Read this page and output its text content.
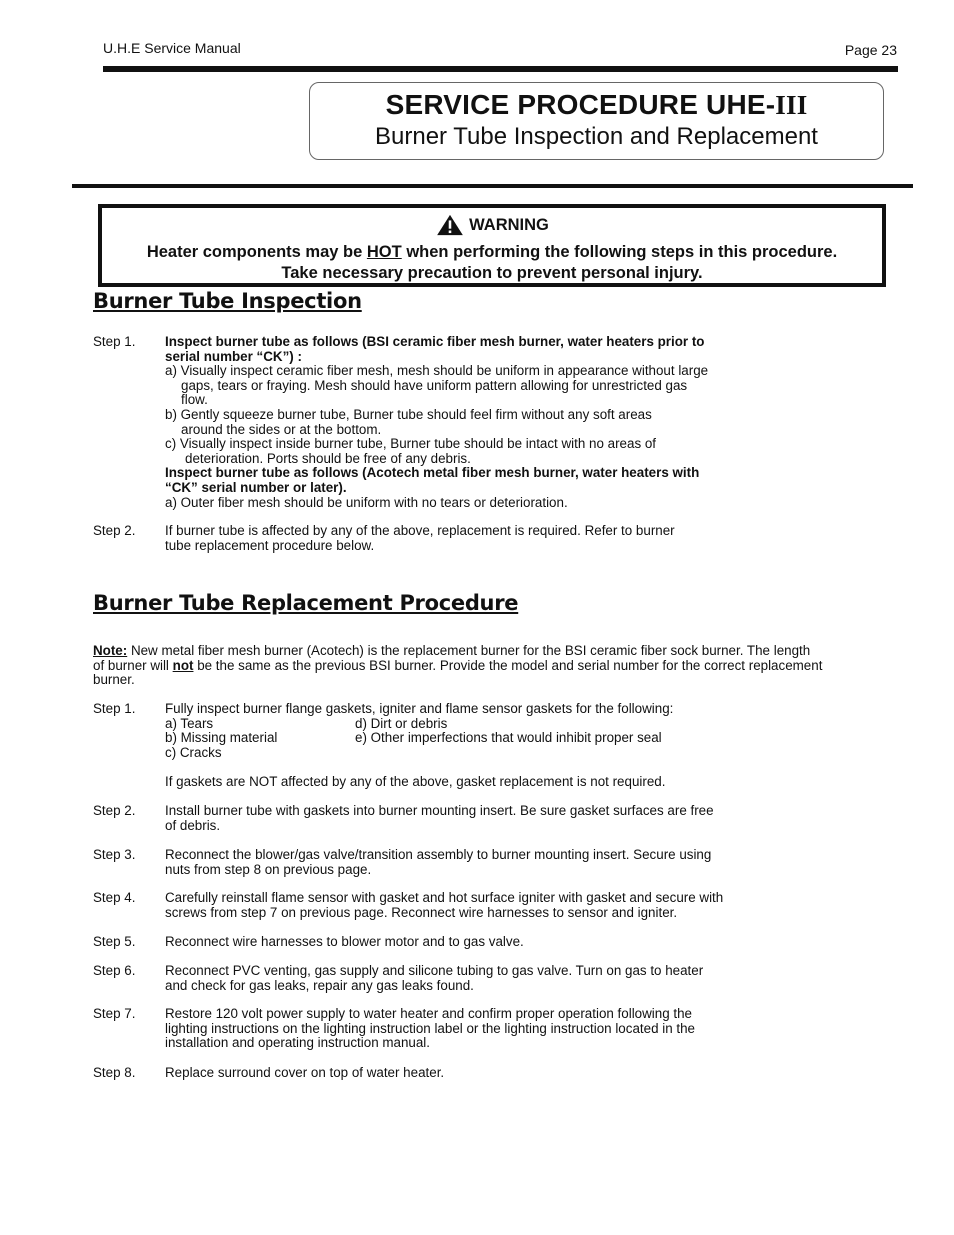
U.H.E Service Manual	Page 23
SERVICE PROCEDURE UHE-III
Burner Tube Inspection and Replacement
WARNING
Heater components may be HOT when performing the following steps in this procedure.
Take necessary precaution to prevent personal injury.
Burner Tube Inspection
Step 1. Inspect burner tube as follows (BSI ceramic fiber mesh burner, water heaters prior to
serial number “CK”) :
a) Visually inspect ceramic fiber mesh, mesh should be uniform in appearance without large
gaps, tears or fraying. Mesh should have uniform pattern allowing for unrestricted gas
flow.
b) Gently squeeze burner tube, Burner tube should feel firm without any soft areas
around the sides or at the bottom.
c) Visually inspect inside burner tube, Burner tube should be intact with no areas of
deterioration. Ports should be free of any debris.
Inspect burner tube as follows (Acotech metal fiber mesh burner, water heaters with
“CK” serial number or later).
a) Outer fiber mesh should be uniform with no tears or deterioration.
Step 2. If burner tube is affected by any of the above, replacement is required. Refer to burner
tube replacement procedure below.
Burner Tube Replacement Procedure
Note: New metal fiber mesh burner (Acotech) is the replacement burner for the BSI ceramic fiber sock burner. The length
of burner will not be the same as the previous BSI burner. Provide the model and serial number for the correct replacement
burner.
Step 1. Fully inspect burner flange gaskets, igniter and flame sensor gaskets for the following:
a) Tears
b) Missing material
c) Cracks
d) Dirt or debris
e) Other imperfections that would inhibit proper seal
If gaskets are NOT affected by any of the above, gasket replacement is not required.
Step 2. Install burner tube with gaskets into burner mounting insert. Be sure gasket surfaces are free
of debris.
Step 3. Reconnect the blower/gas valve/transition assembly to burner mounting insert. Secure using
nuts from step 8 on previous page.
Step 4. Carefully reinstall flame sensor with gasket and hot surface igniter with gasket and secure with
screws from step 7 on previous page. Reconnect wire harnesses to sensor and igniter.
Step 5. Reconnect wire harnesses to blower motor and to gas valve.
Step 6. Reconnect PVC venting, gas supply and silicone tubing to gas valve. Turn on gas to heater
and check for gas leaks, repair any gas leaks found.
Step 7. Restore 120 volt power supply to water heater and confirm proper operation following the
lighting instructions on the lighting instruction label or the lighting instruction located in the
installation and operating instruction manual.
Step 8. Replace surround cover on top of water heater.
